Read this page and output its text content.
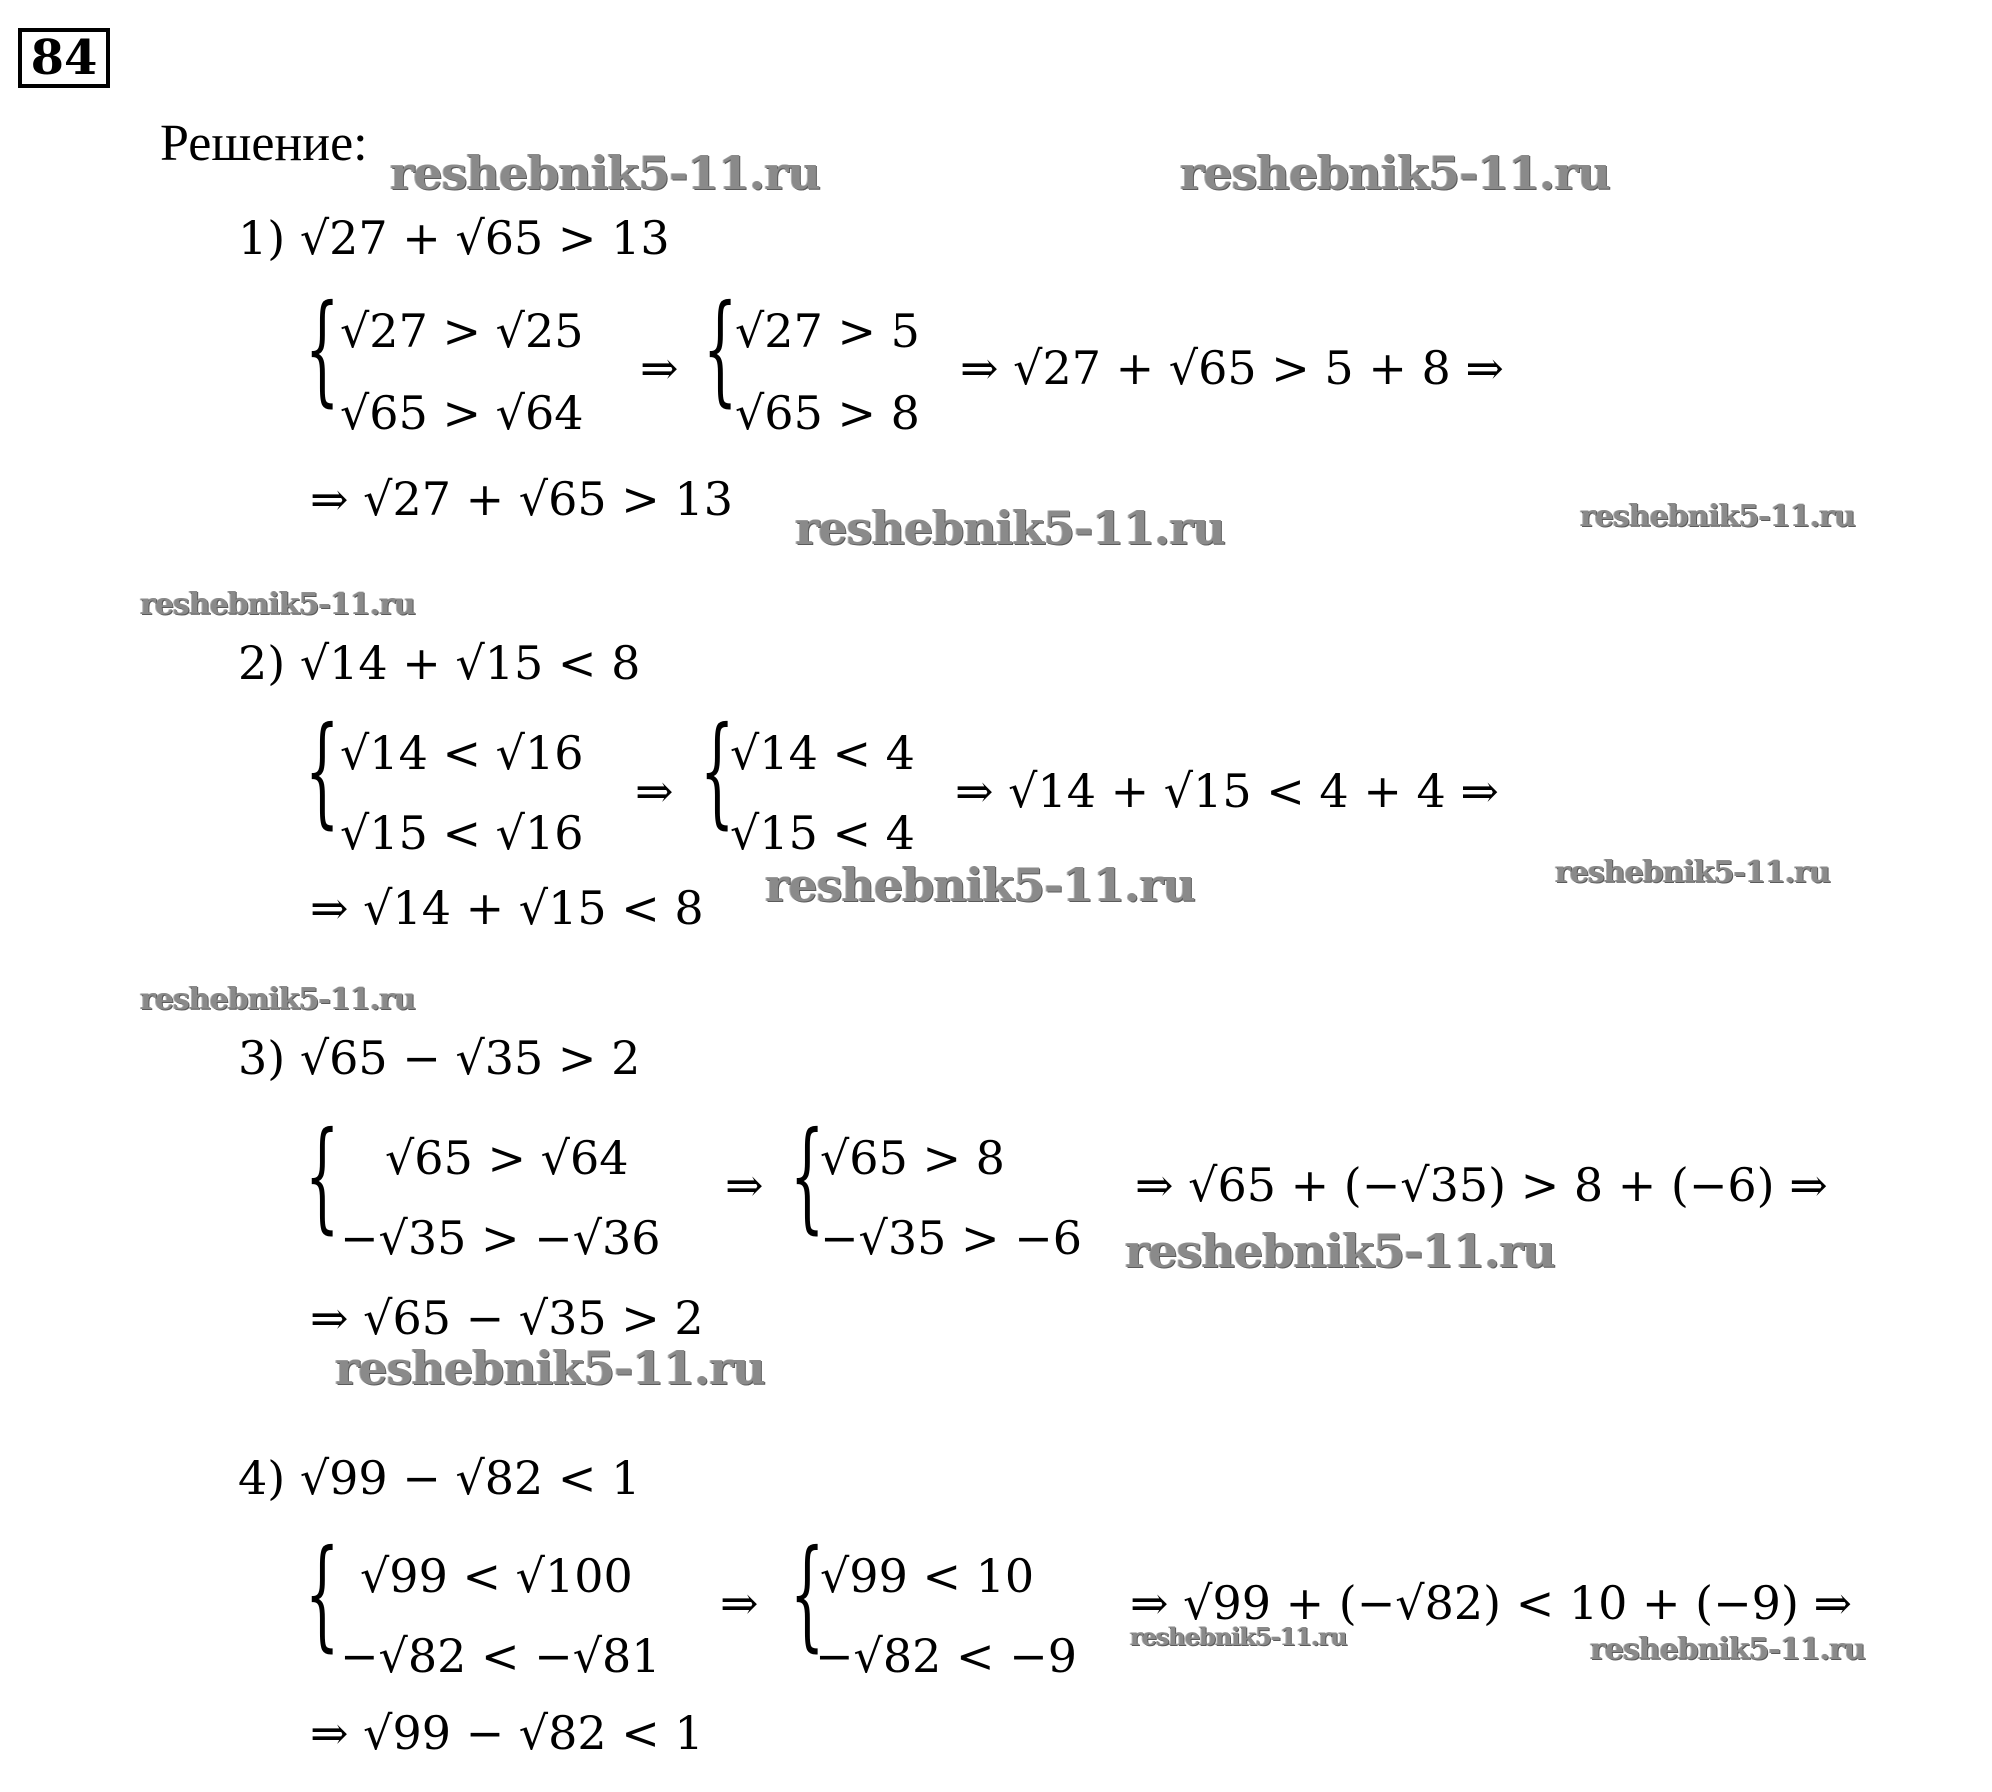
84
Решение:
reshebnik5-11.ru	reshebnik5-11.ru
reshebnik5-11.ru	reshebnik5-11.ru
reshebnik5-11.ru
reshebnik5-11.ru	reshebnik5-11.ru
reshebnik5-11.ru
reshebnik5-11.ru
reshebnik5-11.ru
reshebnik5-11.ru	reshebnik5-11.ru
1) √27 + √65 > 13
{ √27 > √25
√65 > √64
⇒ {
√27 > 5
√65 > 8
⇒ √27 + √65 > 5 + 8 ⇒
⇒ √27 + √65 > 13
2) √14 + √15 < 8
{ √14 < √16
√15 < √16
⇒ {
√14 < 4
√15 < 4
⇒ √14 + √15 < 4 + 4 ⇒
⇒ √14 + √15 < 8
3) √65 − √35 > 2
{ √65 > √64
−√35 > −√36
⇒ {
√65 > 8
−√35 > −6
⇒ √65 + (−√35) > 8 + (−6) ⇒
⇒ √65 − √35 > 2
4) √99 − √82 < 1
{ √99 < √100
−√82 < −√81
⇒ {
√99 < 10
−√82 < −9
⇒ √99 + (−√82) < 10 + (−9) ⇒
⇒ √99 − √82 < 1
